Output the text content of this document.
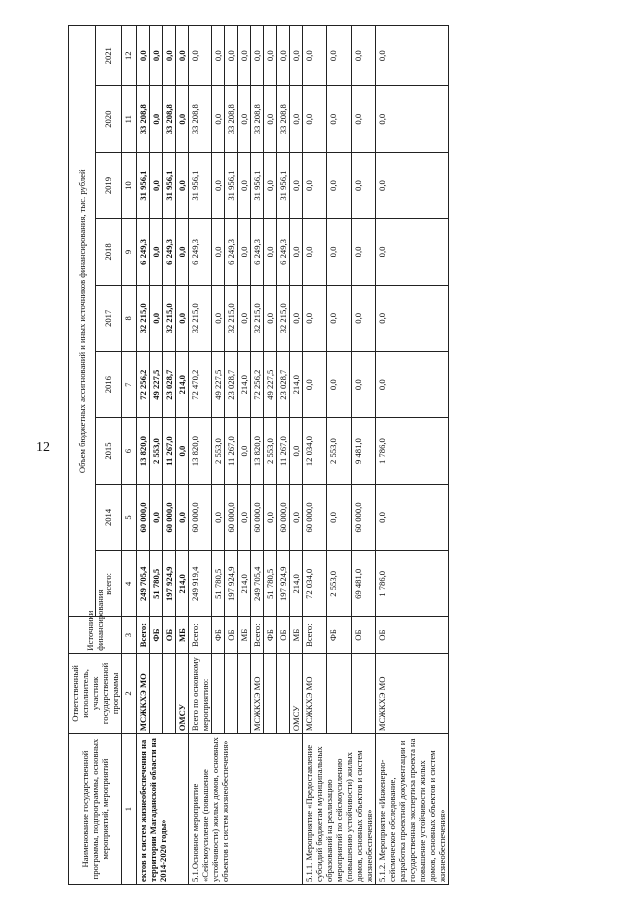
12
Наименование государственной программы, подпрограммы, основных мероприятий, мероприятий	Ответственный исполнитель, участник государственной программы	Источники финансирования	Объем бюджетных ассигнований и иных источников финансирования, тыс. рублей								
			всего:	2014	2015	2016	2017	2018	2019	2020	2021
1	2	3	4	5	6	7	8	9	10	11	12
ектов и систем жизнеобеспечения на территории Магаданской области на 2014-2020 годы»	МСЖКХЭ МО	Всего:	249 705,4	60 000,0	13 820,0	72 256,2	32 215,0	6 249,3	31 956,1	33 208,8	0,0
		ФБ	51 780,5	0,0	2 553,0	49 227,5	0,0	0,0	0,0	0,0	0,0
		ОБ	197 924,9	60 000,0	11 267,0	23 028,7	32 215,0	6 249,3	31 956,1	33 208,8	0,0
	ОМСУ	МБ	214,0	0,0	0,0	214,0	0,0	0,0	0,0	0,0	0,0
5.1.Основное мероприятие «Сейсмоусиление (повышение устойчивости) жилых домов, основных объектов и систем жизнеобеспечения»	Всего по основному мероприятию:	Всего:	249 919,4	60 000,0	13 820,0	72 470,2	32 215,0	6 249,3	31 956,1	33 208,8	0,0
		ФБ	51 780,5	0,0	2 553,0	49 227,5	0,0	0,0	0,0	0,0	0,0
		ОБ	197 924,9	60 000,0	11 267,0	23 028,7	32 215,0	6 249,3	31 956,1	33 208,8	0,0
		МБ	214,0	0,0	0,0	214,0	0,0	0,0	0,0	0,0	0,0
	МСЖКХЭ МО	Всего:	249 705,4	60 000,0	13 820,0	72 256,2	32 215,0	6 249,3	31 956,1	33 208,8	0,0
		ФБ	51 780,5	0,0	2 553,0	49 227,5	0,0	0,0	0,0	0,0	0,0
		ОБ	197 924,9	60 000,0	11 267,0	23 028,7	32 215,0	6 249,3	31 956,1	33 208,8	0,0
	ОМСУ	МБ	214,0	0,0	0,0	214,0	0,0	0,0	0,0	0,0	0,0
5.1.1. Мероприятие «Предоставление субсидий бюджетам муниципальных образований на реализацию мероприятий по сейсмоусилению (повышению устойчивости) жилых домов, основных объектов и систем жизнеобеспечения»	МСЖКХЭ МО	Всего:	72 034,0	60 000,0	12 034,0	0,0	0,0	0,0	0,0	0,0	0,0
		ФБ	2 553,0	0,0	2 553,0	0,0	0,0	0,0	0,0	0,0	0,0
		ОБ	69 481,0	60 000,0	9 481,0	0,0	0,0	0,0	0,0	0,0	0,0
5.1.2. Мероприятие «Инженерно-сейсмическое обследование, разработка проектной документации и государственная экспертиза проекта на повышение устойчивости жилых домов, основных объектов и систем жизнеобеспечения»	МСЖКХЭ МО	ОБ	1 786,0	0,0	1 786,0	0,0	0,0	0,0	0,0	0,0	0,0
